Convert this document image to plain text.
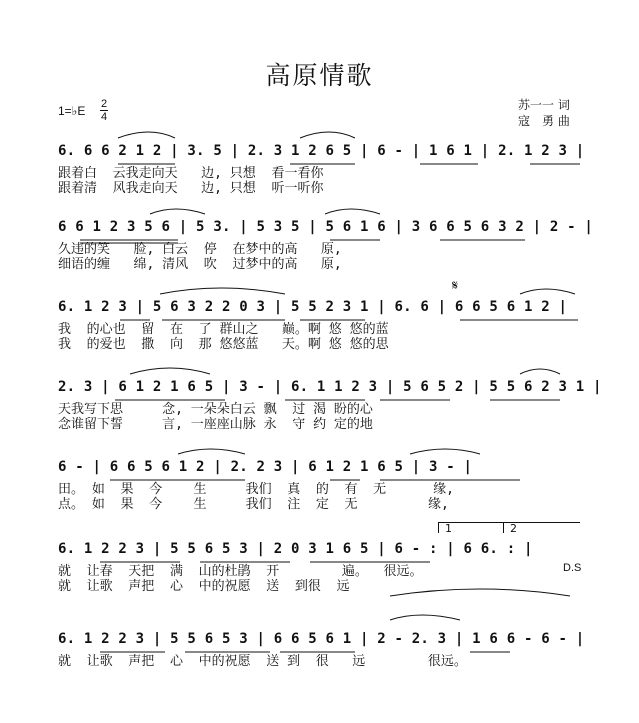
高原情歌
1=♭E 2
4
苏一一 词
寇　勇 曲
6. 6 6 2 1 2 | 3. 5 | 2. 3 1 2 6 5 | 6 - | 1 6 1 | 2. 1 2 3 |
跟着白  云我走向天   边, 只想  看一看你
跟着清  风我走向天   边, 只想  听一听你
6 6 1 2 3 5 6 | 5 3. | 5 3 5 | 5 6 1 6 | 3 6 6 5 6 3 2 | 2 - |
久违的笑   脸, 白云  停  在梦中的高   原,
细语的缠   绵, 清风  吹  过梦中的高   原,
6. 1 2 3 | 5 6 3 2 2 0 3 | 5 5 2 3 1 | 6. 6 | 6 6 5 6 1 2 |
我  的心也  留  在  了 群山之   巅。啊 悠 悠的蓝
我  的爱也  撒  向  那 悠悠蓝   天。啊 悠 悠的思
2. 3 | 6 1 2 1 6 5 | 3 - | 6. 1 1 2 3 | 5 6 5 2 | 5 5 6 2 3 1 |
天我写下思     念, 一朵朵白云 飘  过 渴 盼的心
念谁留下誓     言, 一座座山脉 永  守 约 定的地
6 - | 6 6 5 6 1 2 | 2. 2 3 | 6 1 2 1 6 5 | 3 - |
田。 如  果  今    生     我们  真  的  有  无      缘,
点。 如  果  今    生     我们  注  定  无         缘,
1	2
6. 1 2 2 3 | 5 5 6 5 3 | 2 0 3 1 6 5 | 6 - : | 6 6. : |
D.S
就  让春  天把  满  山的杜鹃  开        遍。  很远。
就  让歌  声把  心  中的祝愿  送  到很  远
6. 1 2 2 3 | 5 5 6 5 3 | 6 6 5 6 1 | 2 - 2. 3 | 1 6 6 - 6 - |
就  让歌  声把  心  中的祝愿  送 到  很   远        很远。
𝄋
